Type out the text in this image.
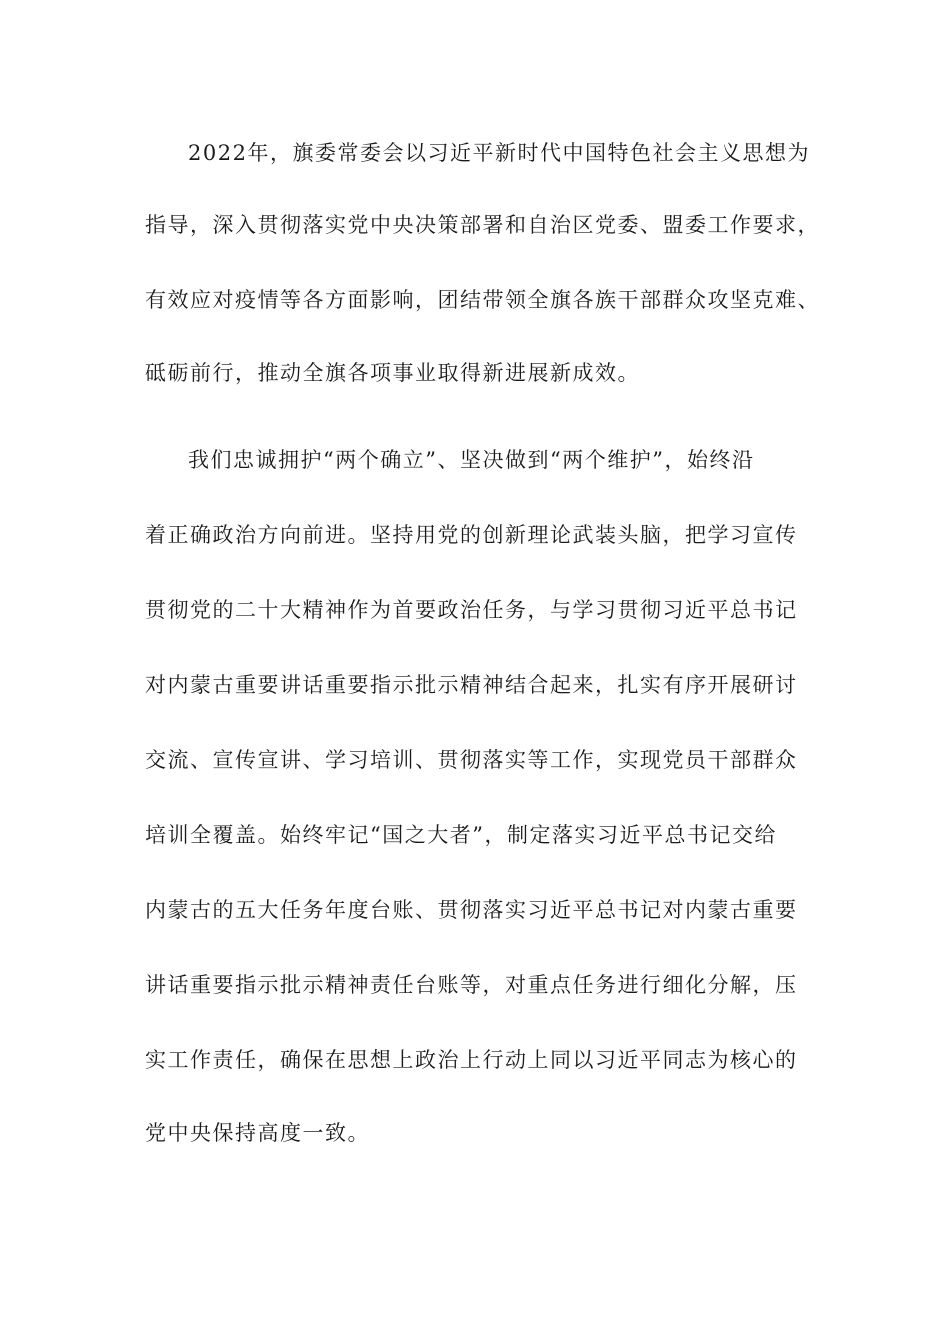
2022年，旗委常委会以习近平新时代中国特色社会主义思想为
指导，深入贯彻落实党中央决策部署和自治区党委、盟委工作要求，
有效应对疫情等各方面影响，团结带领全旗各族干部群众攻坚克难、
砥砺前行，推动全旗各项事业取得新进展新成效。
我们忠诚拥护“两个确立”、坚决做到“两个维护”，始终沿
着正确政治方向前进。坚持用党的创新理论武装头脑，把学习宣传
贯彻党的二十大精神作为首要政治任务，与学习贯彻习近平总书记
对内蒙古重要讲话重要指示批示精神结合起来，扎实有序开展研讨
交流、宣传宣讲、学习培训、贯彻落实等工作，实现党员干部群众
培训全覆盖。始终牢记“国之大者”，制定落实习近平总书记交给
内蒙古的五大任务年度台账、贯彻落实习近平总书记对内蒙古重要
讲话重要指示批示精神责任台账等，对重点任务进行细化分解，压
实工作责任，确保在思想上政治上行动上同以习近平同志为核心的
党中央保持高度一致。
